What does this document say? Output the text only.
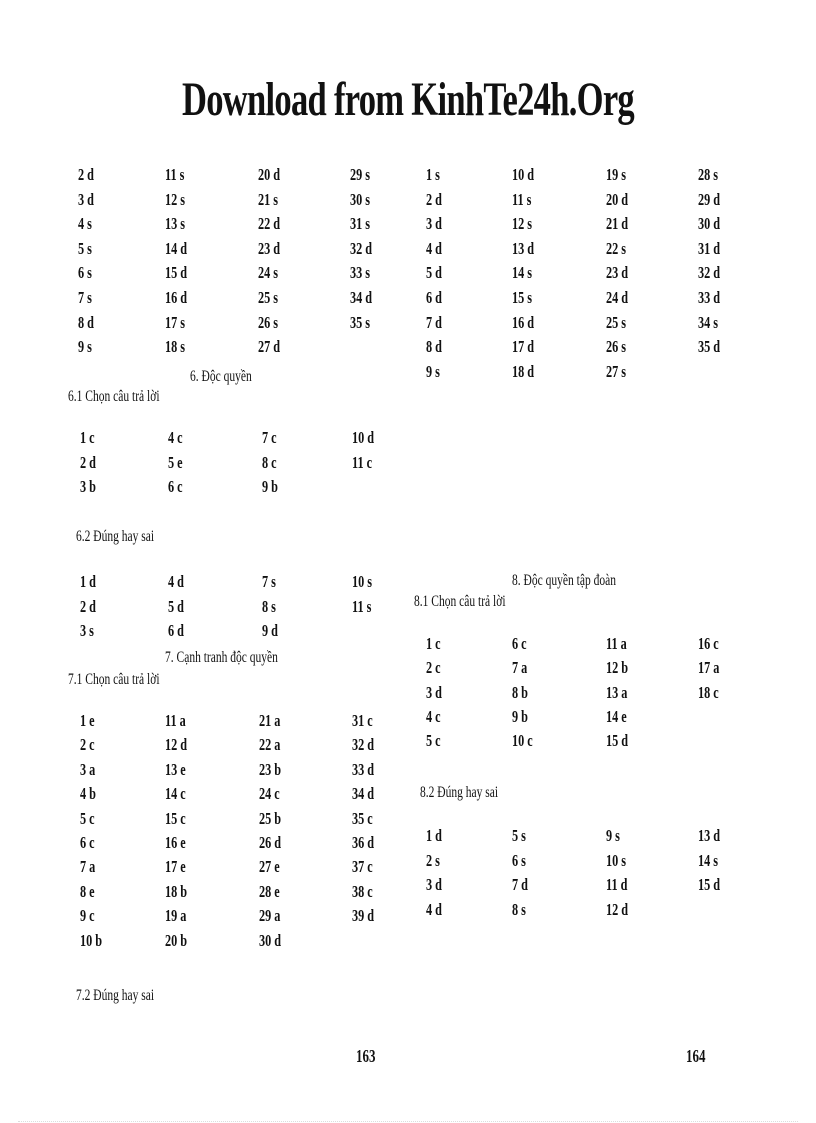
Download from KinhTe24h.Org
2 d	11 s	20 d	29 s
3 d	12 s	21 s	30 s
4 s	13 s	22 d	31 s
5 s	14 d	23 d	32 d
6 s	15 d	24 s	33 s
7 s	16 d	25 s	34 d
8 d	17 s	26 s	35 s
9 s	18 s	27 d
6. Độc quyền
6.1 Chọn câu trả lời
1 c	4 c	7 c	10 d
2 d	5 e	8 c	11 c
3 b	6 c	9 b
6.2 Đúng hay sai
1 d	4 d	7 s	10 s
2 d	5 d	8 s	11 s
3 s	6 d	9 d
7. Cạnh tranh độc quyền
7.1 Chọn câu trả lời
1 e	11 a	21 a	31 c
2 c	12 d	22 a	32 d
3 a	13 e	23 b	33 d
4 b	14 c	24 c	34 d
5 c	15 c	25 b	35 c
6 c	16 e	26 d	36 d
7 a	17 e	27 e	37 c
8 e	18 b	28 e	38 c
9 c	19 a	29 a	39 d
10 b	20 b	30 d
7.2 Đúng hay sai
163
1 s	10 d	19 s	28 s
2 d	11 s	20 d	29 d
3 d	12 s	21 d	30 d
4 d	13 d	22 s	31 d
5 d	14 s	23 d	32 d
6 d	15 s	24 d	33 d
7 d	16 d	25 s	34 s
8 d	17 d	26 s	35 d
9 s	18 d	27 s
8. Độc quyền tập đoàn
8.1 Chọn câu trả lời
1 c	6 c	11 a	16 c
2 c	7 a	12 b	17 a
3 d	8 b	13 a	18 c
4 c	9 b	14 e
5 c	10 c	15 d
8.2 Đúng hay sai
1 d	5 s	9 s	13 d
2 s	6 s	10 s	14 s
3 d	7 d	11 d	15 d
4 d	8 s	12 d
164
